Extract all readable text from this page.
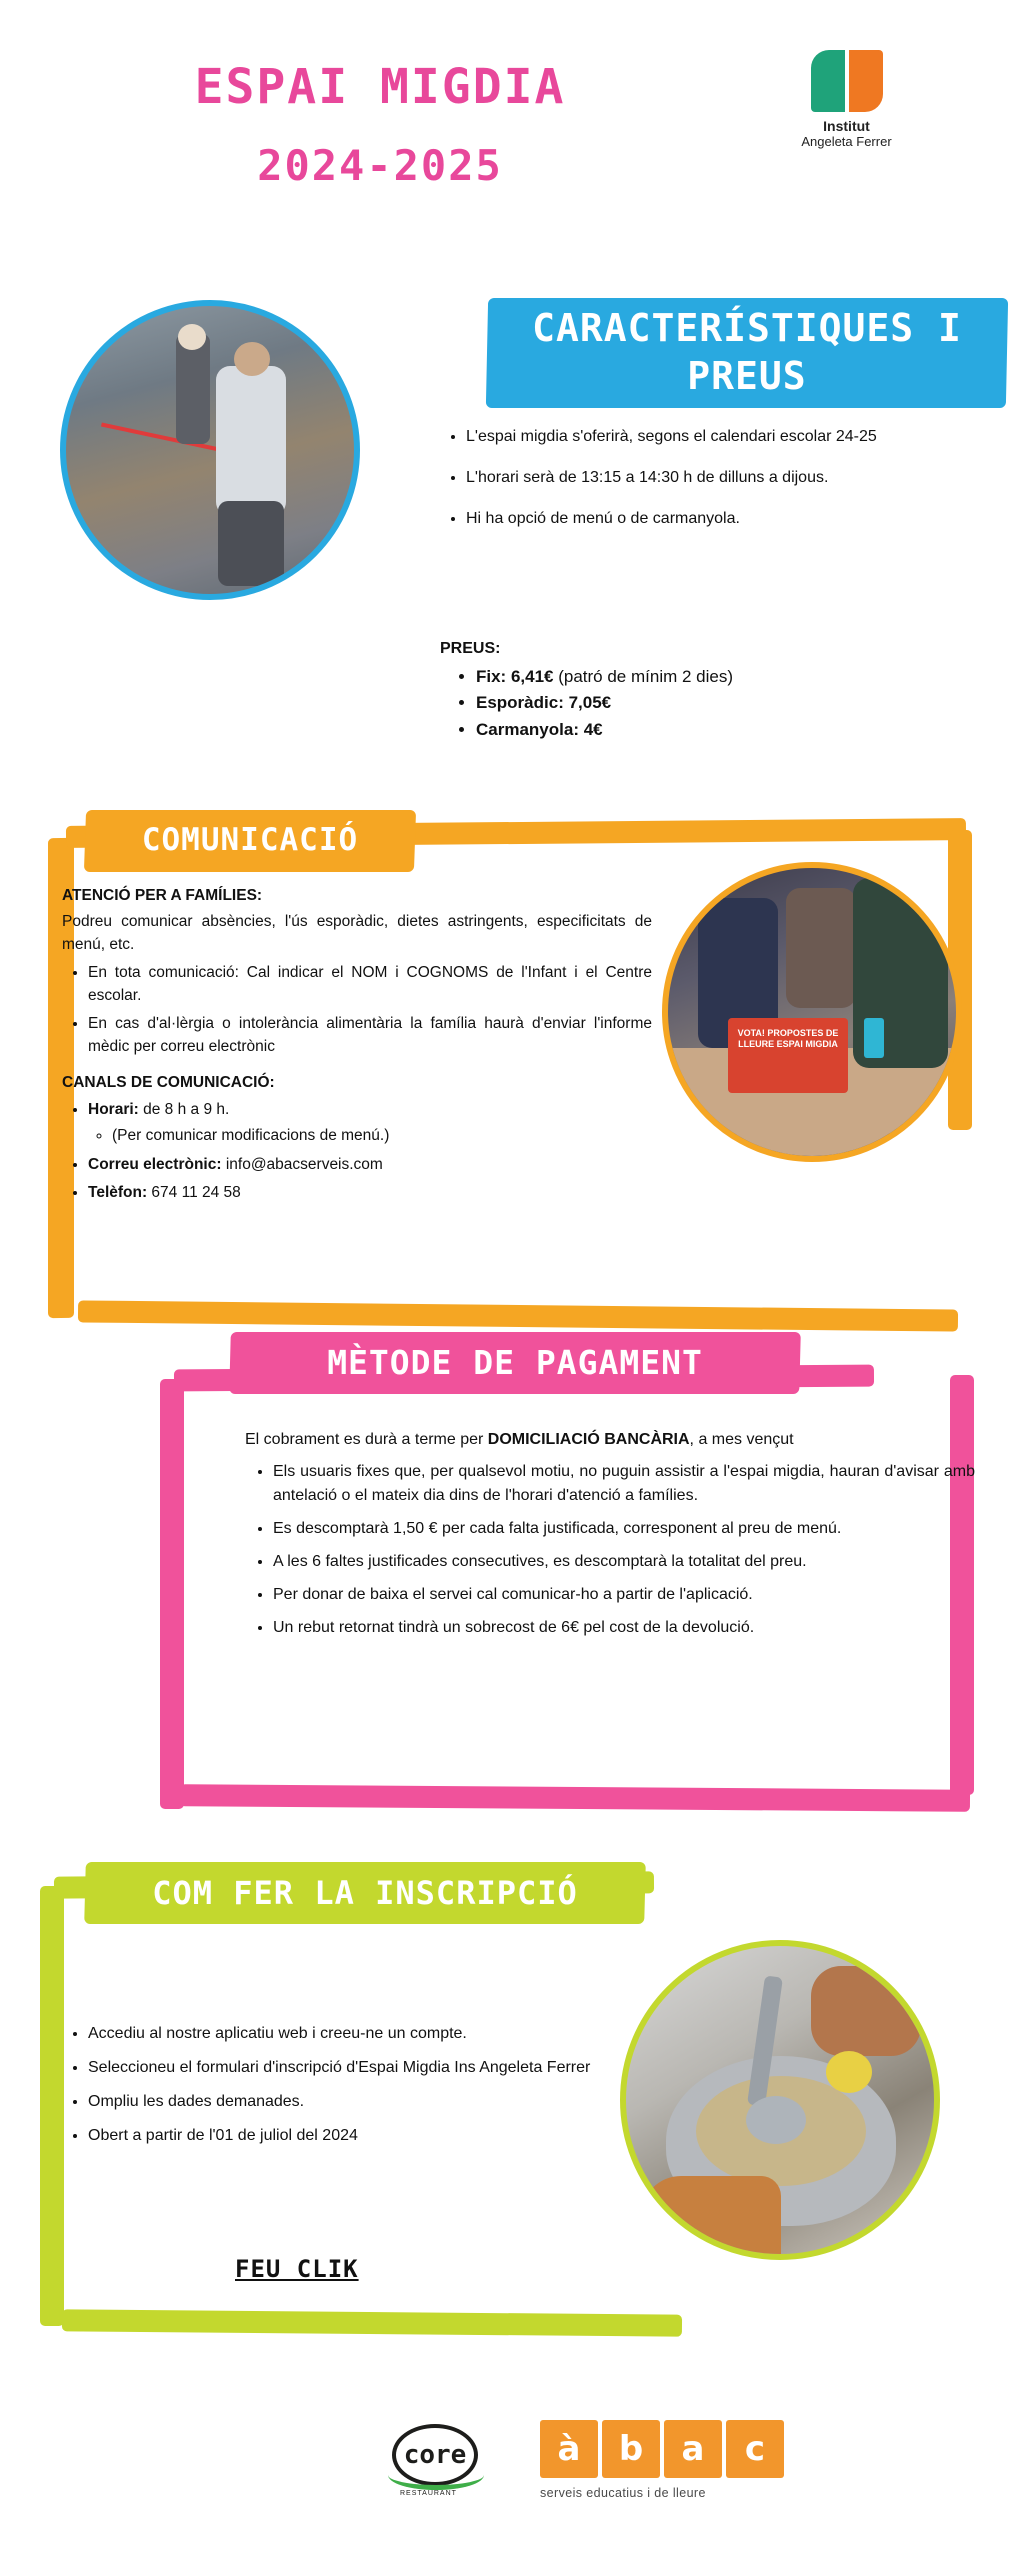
ESPAI MIGDIA
2024-2025
Institut
Angeleta Ferrer
CARACTERÍSTIQUES I PREUS
• L'espai migdia s'oferirà, segons el calendari escolar 24-25
• L'horari serà de 13:15 a 14:30 h de dilluns a dijous.
• Hi ha opció de menú o de carmanyola.
PREUS:
• Fix: 6,41€ (patró de mínim 2 dies)
• Esporàdic: 7,05€
• Carmanyola: 4€
COMUNICACIÓ
ATENCIÓ PER A FAMÍLIES:

Podreu comunicar absències, l'ús esporàdic, dietes astringents, especificitats de menú, etc.

• En tota comunicació: Cal indicar el NOM i COGNOMS de l'Infant i el Centre escolar.
• En cas d'al·lèrgia o intolerància alimentària la família haurà d'enviar l'informe mèdic per correu electrònic
CANALS DE COMUNICACIÓ:
• Horari: de 8 h a 9 h.
◦ (Per comunicar modificacions de menú.)
• Correu electrònic: info@abacserveis.com
• Telèfon: 674 11 24 58
VOTA! PROPOSTES DE LLEURE ESPAI MIGDIA
MÈTODE DE PAGAMENT

El cobrament es durà a terme per DOMICILIACIÓ BANCÀRIA, a mes vençut

• Els usuaris fixes que, per qualsevol motiu, no puguin assistir a l'espai migdia, hauran d'avisar amb antelació o el mateix dia dins de l'horari d'atenció a famílies.
• Es descomptarà 1,50 € per cada falta justificada, corresponent al preu de menú.
• A les 6 faltes justificades consecutives, es descomptarà la totalitat del preu.
• Per donar de baixa el servei cal comunicar-ho a partir de l'aplicació.
• Un rebut retornat tindrà un sobrecost de 6€ pel cost de la devolució.
COM FER LA INSCRIPCIÓ
• Accediu al nostre aplicatiu web i creeu-ne un compte.
• Seleccioneu el formulari d'inscripció d'Espai Migdia Ins Angeleta Ferrer
• Ompliu les dades demanades.
• Obert a partir de l'01 de juliol del 2024
FEU CLIK
core
RESTAURANT
à	b	a	c
serveis educatius i de lleure
